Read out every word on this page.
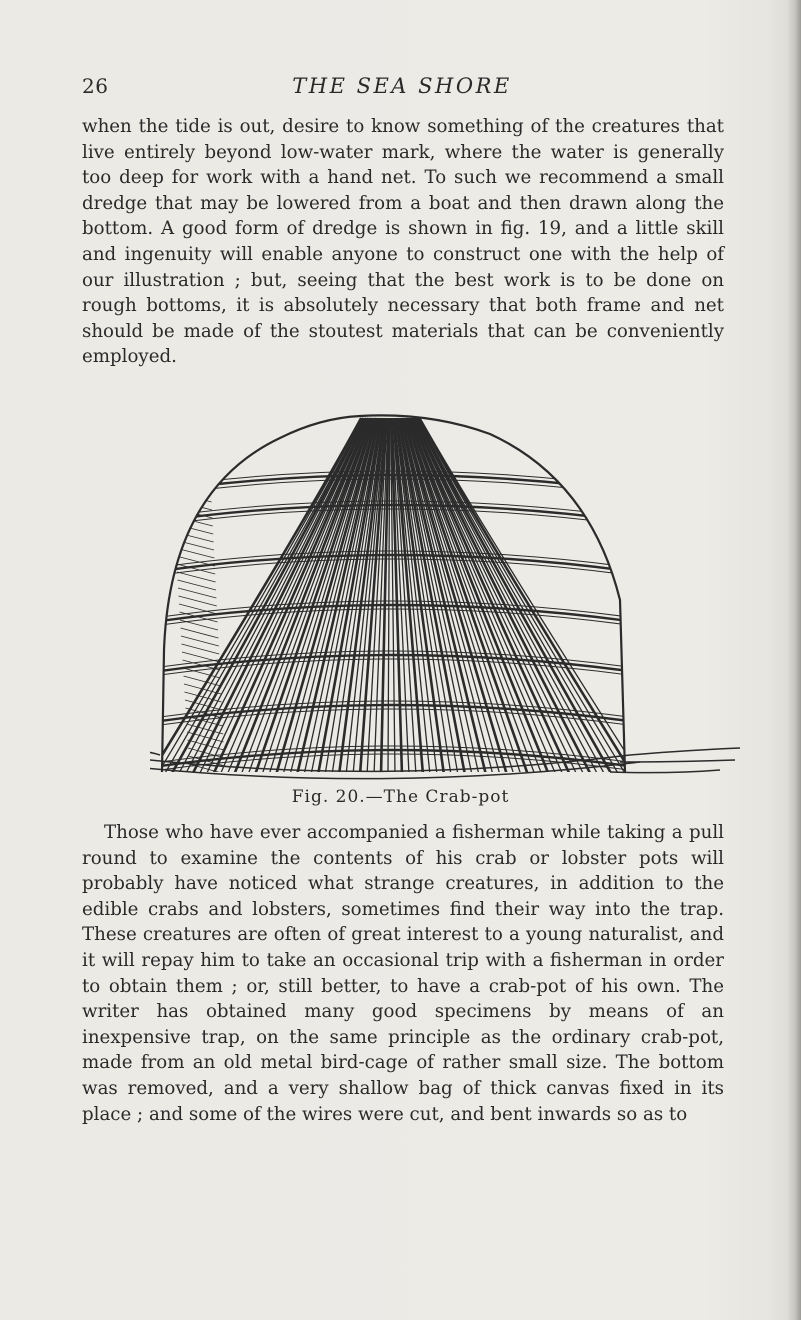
26	THE SEA SHORE

when the tide is out, desire to know something of the creatures that live entirely beyond low-water mark, where the water is generally too deep for work with a hand net. To such we recommend a small dredge that may be lowered from a boat and then drawn along the bottom. A good form of dredge is shown in fig. 19, and a little skill and ingenuity will enable anyone to construct one with the help of our illustration ; but, seeing that the best work is to be done on rough bottoms, it is absolutely necessary that both frame and net should be made of the stoutest materials that can be conveniently employed.

Fig. 20.—The Crab-pot

Those who have ever accompanied a fisherman while taking a pull round to examine the contents of his crab or lobster pots will probably have noticed what strange creatures, in addition to the edible crabs and lobsters, sometimes find their way into the trap. These creatures are often of great interest to a young naturalist, and it will repay him to take an occasional trip with a fisherman in order to obtain them ; or, still better, to have a crab-pot of his own. The writer has obtained many good specimens by means of an inexpensive trap, on the same principle as the ordinary crab-pot, made from an old metal bird-cage of rather small size. The bottom was removed, and a very shallow bag of thick canvas fixed in its place ; and some of the wires were cut, and bent inwards so as to
